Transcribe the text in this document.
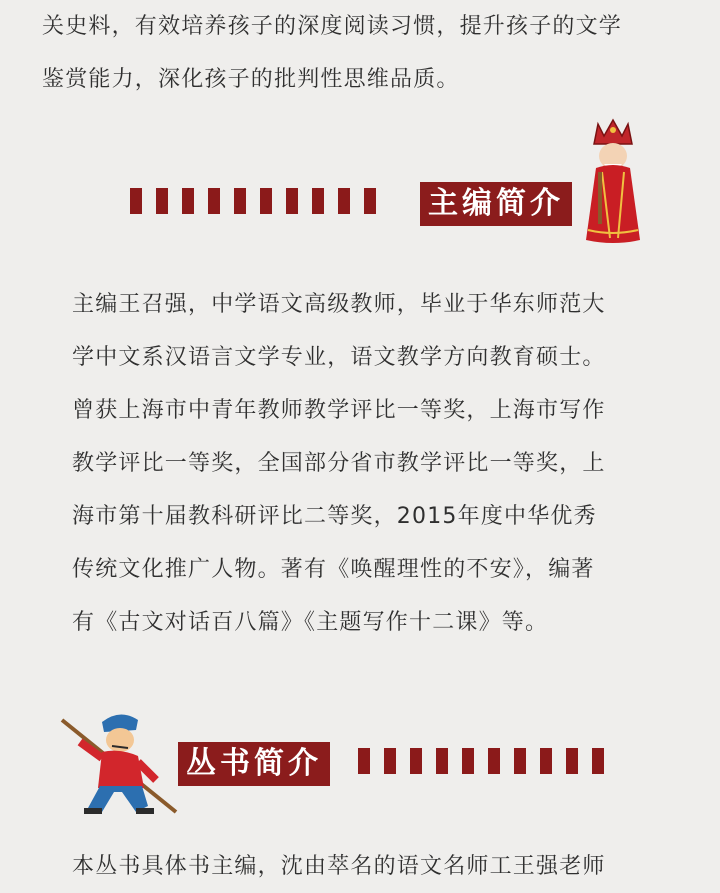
关史料，有效培养孩子的深度阅读习惯，提升孩子的文学
鉴赏能力，深化孩子的批判性思维品质。
主编简介
主编王召强，中学语文高级教师，毕业于华东师范大
学中文系汉语言文学专业，语文教学方向教育硕士。
曾获上海市中青年教师教学评比一等奖，上海市写作
教学评比一等奖，全国部分省市教学评比一等奖，上
海市第十届教科研评比二等奖，2015年度中华优秀
传统文化推广人物。著有《唤醒理性的不安》，编著
有《古文对话百八篇》《主题写作十二课》等。
丛书简介
本丛书具体书主编，沈由萃名的语文名师工王强老师
